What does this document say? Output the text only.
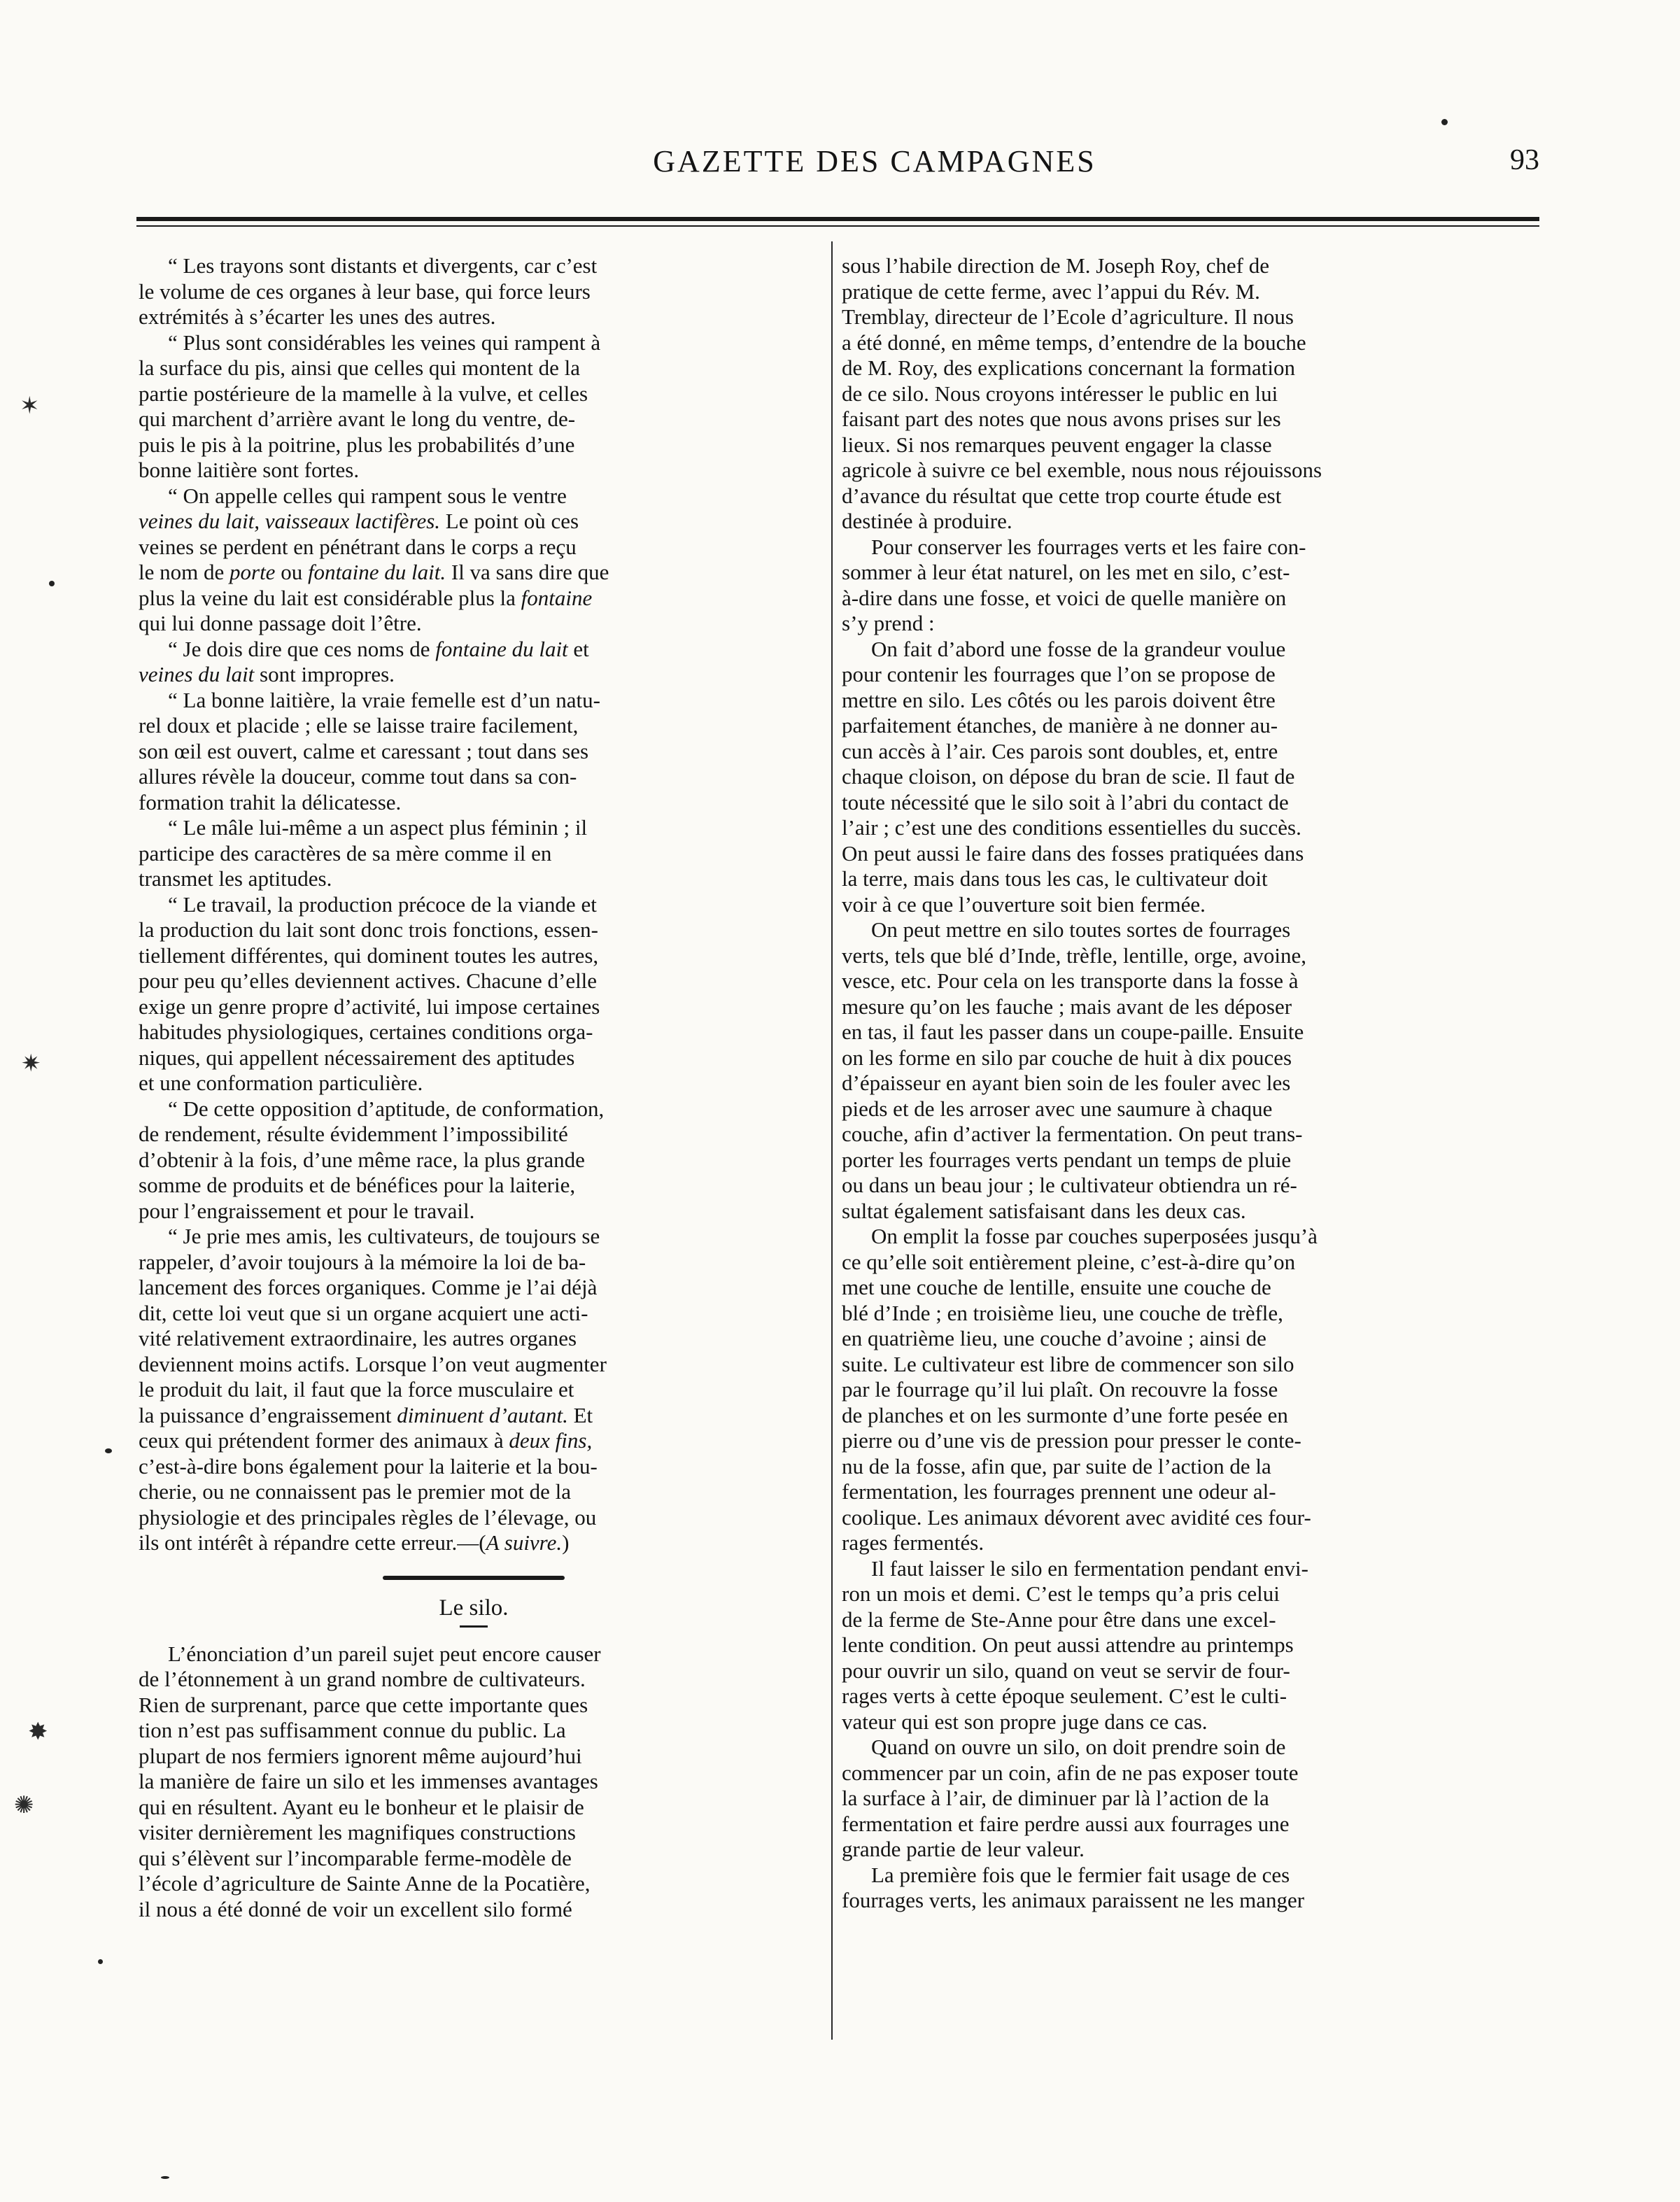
GAZETTE DES CAMPAGNES	93

“ Les trayons sont distants et divergents, car c’est
le volume de ces organes à leur base, qui force leurs
extrémités à s’écarter les unes des autres.

“ Plus sont considérables les veines qui rampent à
la surface du pis, ainsi que celles qui montent de la
partie postérieure de la mamelle à la vulve, et celles
qui marchent d’arrière avant le long du ventre, de-
puis le pis à la poitrine, plus les probabilités d’une
bonne laitière sont fortes.

“ On appelle celles qui rampent sous le ventre
veines du lait, vaisseaux lactifères. Le point où ces
veines se perdent en pénétrant dans le corps a reçu
le nom de porte ou fontaine du lait. Il va sans dire que
plus la veine du lait est considérable plus la fontaine
qui lui donne passage doit l’être.

“ Je dois dire que ces noms de fontaine du lait et
veines du lait sont impropres.

“ La bonne laitière, la vraie femelle est d’un natu-
rel doux et placide ; elle se laisse traire facilement,
son œil est ouvert, calme et caressant ; tout dans ses
allures révèle la douceur, comme tout dans sa con-
formation trahit la délicatesse.

“ Le mâle lui-même a un aspect plus féminin ; il
participe des caractères de sa mère comme il en
transmet les aptitudes.

“ Le travail, la production précoce de la viande et
la production du lait sont donc trois fonctions, essen-
tiellement différentes, qui dominent toutes les autres,
pour peu qu’elles deviennent actives. Chacune d’elle
exige un genre propre d’activité, lui impose certaines
habitudes physiologiques, certaines conditions orga-
niques, qui appellent nécessairement des aptitudes
et une conformation particulière.

“ De cette opposition d’aptitude, de conformation,
de rendement, résulte évidemment l’impossibilité
d’obtenir à la fois, d’une même race, la plus grande
somme de produits et de bénéfices pour la laiterie,
pour l’engraissement et pour le travail.

“ Je prie mes amis, les cultivateurs, de toujours se
rappeler, d’avoir toujours à la mémoire la loi de ba-
lancement des forces organiques. Comme je l’ai déjà
dit, cette loi veut que si un organe acquiert une acti-
vité relativement extraordinaire, les autres organes
deviennent moins actifs. Lorsque l’on veut augmenter
le produit du lait, il faut que la force musculaire et
la puissance d’engraissement diminuent d’autant. Et
ceux qui prétendent former des animaux à deux fins,
c’est-à-dire bons également pour la laiterie et la bou-
cherie, ou ne connaissent pas le premier mot de la
physiologie et des principales règles de l’élevage, ou
ils ont intérêt à répandre cette erreur.—(A suivre.)

Le silo.

L’énonciation d’un pareil sujet peut encore causer
de l’étonnement à un grand nombre de cultivateurs.
Rien de surprenant, parce que cette importante ques
tion n’est pas suffisamment connue du public. La
plupart de nos fermiers ignorent même aujourd’hui
la manière de faire un silo et les immenses avantages
qui en résultent. Ayant eu le bonheur et le plaisir de
visiter dernièrement les magnifiques constructions
qui s’élèvent sur l’incomparable ferme-modèle de
l’école d’agriculture de Sainte Anne de la Pocatière,
il nous a été donné de voir un excellent silo formé

sous l’habile direction de M. Joseph Roy, chef de
pratique de cette ferme, avec l’appui du Rév. M.
Tremblay, directeur de l’Ecole d’agriculture. Il nous
a été donné, en même temps, d’entendre de la bouche
de M. Roy, des explications concernant la formation
de ce silo. Nous croyons intéresser le public en lui
faisant part des notes que nous avons prises sur les
lieux. Si nos remarques peuvent engager la classe
agricole à suivre ce bel exemble, nous nous réjouissons
d’avance du résultat que cette trop courte étude est
destinée à produire.

Pour conserver les fourrages verts et les faire con-
sommer à leur état naturel, on les met en silo, c’est-
à-dire dans une fosse, et voici de quelle manière on
s’y prend :

On fait d’abord une fosse de la grandeur voulue
pour contenir les fourrages que l’on se propose de
mettre en silo. Les côtés ou les parois doivent être
parfaitement étanches, de manière à ne donner au-
cun accès à l’air. Ces parois sont doubles, et, entre
chaque cloison, on dépose du bran de scie. Il faut de
toute nécessité que le silo soit à l’abri du contact de
l’air ; c’est une des conditions essentielles du succès.
On peut aussi le faire dans des fosses pratiquées dans
la terre, mais dans tous les cas, le cultivateur doit
voir à ce que l’ouverture soit bien fermée.

On peut mettre en silo toutes sortes de fourrages
verts, tels que blé d’Inde, trèfle, lentille, orge, avoine,
vesce, etc. Pour cela on les transporte dans la fosse à
mesure qu’on les fauche ; mais avant de les déposer
en tas, il faut les passer dans un coupe-paille. Ensuite
on les forme en silo par couche de huit à dix pouces
d’épaisseur en ayant bien soin de les fouler avec les
pieds et de les arroser avec une saumure à chaque
couche, afin d’activer la fermentation. On peut trans-
porter les fourrages verts pendant un temps de pluie
ou dans un beau jour ; le cultivateur obtiendra un ré-
sultat également satisfaisant dans les deux cas.

On emplit la fosse par couches superposées jusqu’à
ce qu’elle soit entièrement pleine, c’est-à-dire qu’on
met une couche de lentille, ensuite une couche de
blé d’Inde ; en troisième lieu, une couche de trèfle,
en quatrième lieu, une couche d’avoine ; ainsi de
suite. Le cultivateur est libre de commencer son silo
par le fourrage qu’il lui plaît. On recouvre la fosse
de planches et on les surmonte d’une forte pesée en
pierre ou d’une vis de pression pour presser le conte-
nu de la fosse, afin que, par suite de l’action de la
fermentation, les fourrages prennent une odeur al-
coolique. Les animaux dévorent avec avidité ces four-
rages fermentés.

Il faut laisser le silo en fermentation pendant envi-
ron un mois et demi. C’est le temps qu’a pris celui
de la ferme de Ste-Anne pour être dans une excel-
lente condition. On peut aussi attendre au printemps
pour ouvrir un silo, quand on veut se servir de four-
rages verts à cette époque seulement. C’est le culti-
vateur qui est son propre juge dans ce cas.

Quand on ouvre un silo, on doit prendre soin de
commencer par un coin, afin de ne pas exposer toute
la surface à l’air, de diminuer par là l’action de la
fermentation et faire perdre aussi aux fourrages une
grande partie de leur valeur.

La première fois que le fermier fait usage de ces
fourrages verts, les animaux paraissent ne les manger

✶
✷
✸
✺
